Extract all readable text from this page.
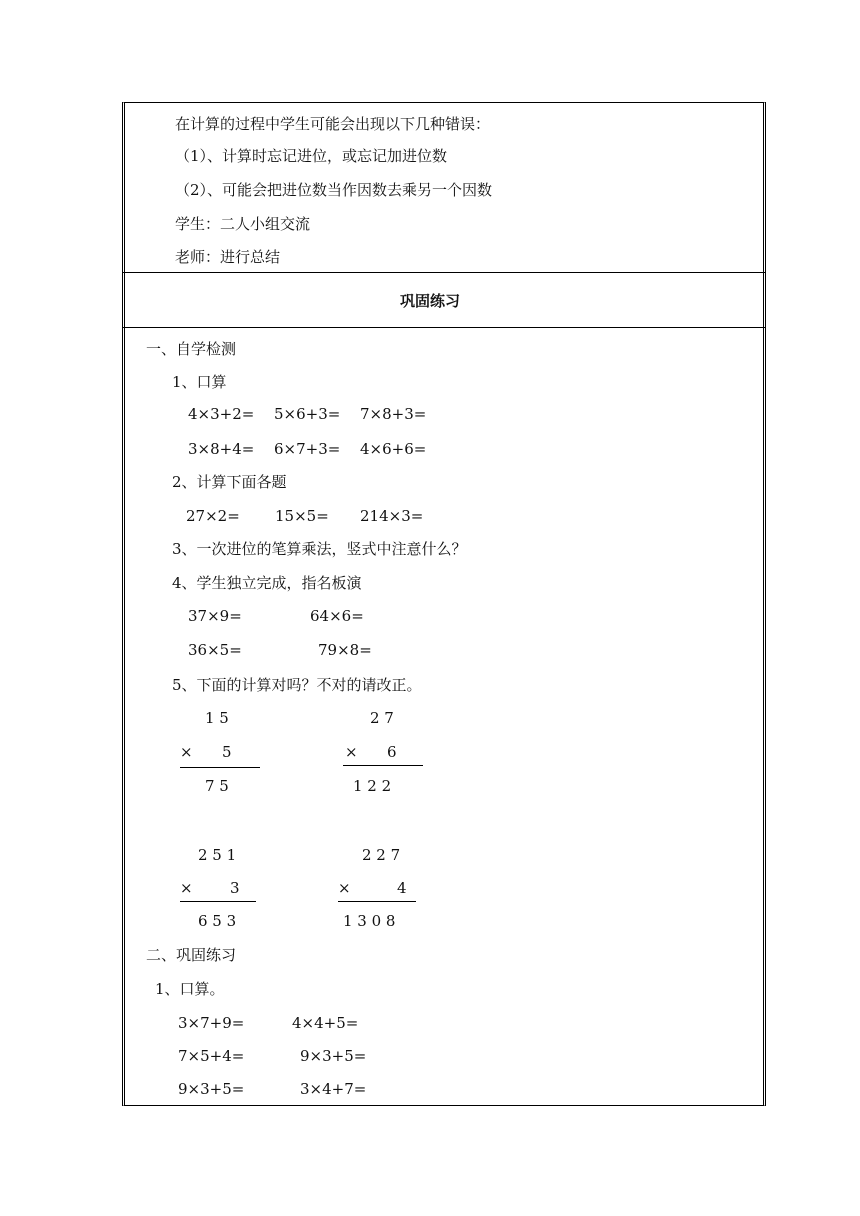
在计算的过程中学生可能会出现以下几种错误：
（1）、计算时忘记进位，或忘记加进位数
（2）、可能会把进位数当作因数去乘另一个因数
学生：二人小组交流
老师：进行总结
巩固练习
一、自学检测
1、口算
4×3+2= 5×6+3= 7×8+3=
3×8+4= 6×7+3= 4×6+6=
2、计算下面各题
27×2= 15×5= 214×3=
3、一次进位的笔算乘法，竖式中注意什么？
4、学生独立完成，指名板演
37×9=	64×6=
36×5=	79×8=
5、下面的计算对吗？不对的请改正。
1 5
× 5
7 5
2 7
× 6
1 2 2
2 5 1
× 3
6 5 3
2 2 7
×	4
1 3 0 8
二、巩固练习
1、口算。
3×7+9=	4×4+5=
7×5+4=	9×3+5=
9×3+5=	3×4+7=
